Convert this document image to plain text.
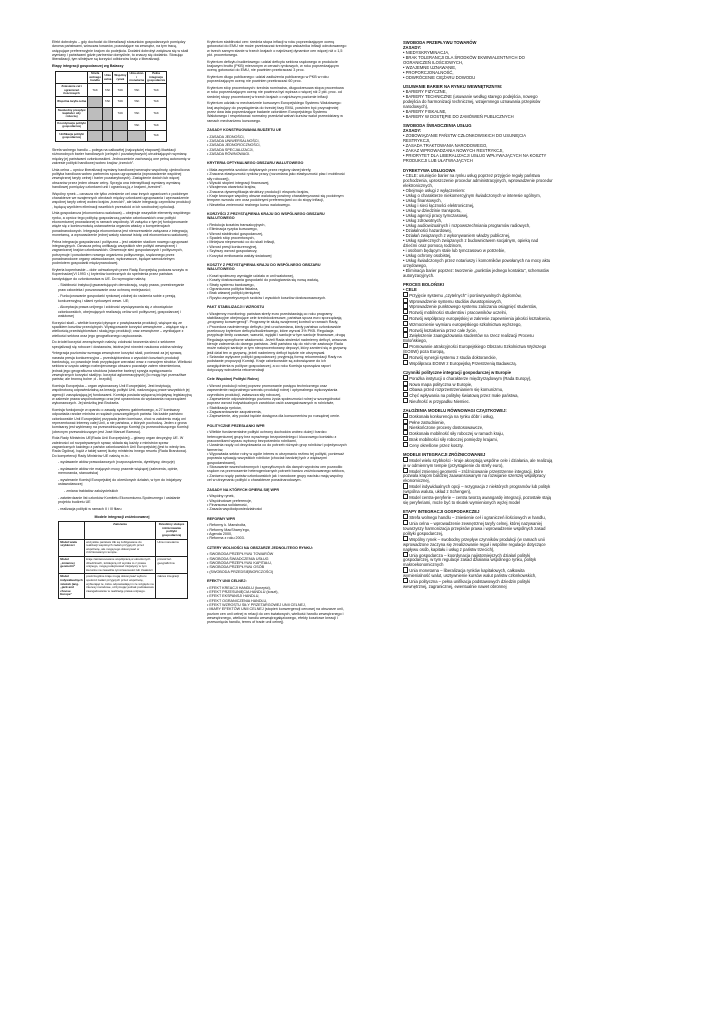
Efekt dobrobytu – gdy dochodzi do liberalizacji stosunków gospodarczych pomiędzy dwoma państwami, wówczas towarów, pozostające na zewnątrz, na tym tracą, ustępujące preferencyjnie krajom do podejścia. Dodatni dobrobyt zwiększa się w skali wymiany i państwami gdzie partnerów domyślnie, to znaczy się dodatnio. Stosując liberalizacji, tym silniejsze są korzyści odbiorców kraju z liberalizacji.

Etapy integracji gospodarczej wg Balassy

	Strefa wolnego handlu	Unia celna	Wspólny rynek	Unia ekon. i monetarna	Pełna integracja gospodarcza
Zniesienie ceł i ograniczeń ilościowych	TAK	TAK	TAK	TAK	TAK
Wspólna taryfa celna		TAK	TAK	TAK	TAK
Swobodny przepływ kapitału i siły roboczej			TAK	TAK	TAK
Koordynacja polityki gospodarczej				TAK	TAK
Unifikacja polityki gospodarczej					TAK

Strefa wolnego handlu – polega na całkowitej (najczęściej etapowej) likwidacji różnorodnych barier handlowych (celnych i pozataryfowych) utrudniających wymianę między jej państwami członkowskimi. Jednocześnie zachowują one pełną autonomię w zakresie polityki handlowej wobec krajów „trzecich”.

Unia celna – oprócz liberalizacji wymiany handlowej wewnątrz wspólnoty, ujednolicona polityka handlowa wobec partnerów spoza ugrupowania (wprowadzenie wspólnej zewnętrznej taryfy celnej i barier pozataryfowych). Zastąpienie dwóch lub więcej obszarów przez jeden obszar celny. Sprzyja ona intensyfikacji wymiany wymianę handlowej pomiędzy członkami unii i ograniczą ją z krajami „trzecimi”.

Wspólny rynek – oznacza nie tylko zniesienie ceł oraz innych ograniczeń z podobnym charakterze we wzajemnych obrotach między członkami ugrupowania i wprowadzenie wspólnej taryfy celnej wobec krajów „trzecich”, ale także integrację czynników produkcji , będącą wynikiem eliminacji wszelkich przeszkód w ich swobodnej cyrkulacji.

Unia gospodarcza (ekonomiczno-walutowa) – obejmuje wszystkie elementy wspólnego rynku, a oprócz tego politykę gospodarczą państw członkowskich oraz polityki ekonomicznej prowadzonej w ramach wspólnoty. W związku z tym jej funkcjonowanie wiąże się z koniecznością ustanowienia organów władzy o kompetencjach ponadnarodowych. Integracja ekonomiczna jest nierozerwalnie związana z integracją monetarną, a wprowadzenie jednej waluty stanowi istotę unii ekonomiczno-walutowej.

Pełna integracja gospodarcza i polityczna – jest ostatnim stadium nowego ugrupowań integracyjnych. Oznacza pełną unifikację wszystkich sfer polityki wewnętrznej i zagranicznej krajów członkowskich. Obserwuje sieć gospodarczych i politycznych, potrzymuje i powołaniem nowego organizmu politycznego, rządzonego przez ponadnarodowe organy ustawodawcze, wykonawcze, będące samodzielnym podmiotem gospodarki międzynarodowej.

Kryteria kopenhaskie – dobr uchwalonych przez Radę Europejską podczas szczytu w Kopenhadze(VI 1993 r.) kryteriów koniecznych do spełnienia przez państwa kandydujące do członkowstwa w UE. Do wymogów należą:

- Stabilność instytucji gwarantujących demokrację, rządy prawa, przestrzeganie praw człowieka i poszanowanie oraz ochronę mniejszości;

- Funkcjonowanie gospodarki rynkowej zdolnej do radzenia sobie z presją konkurencyjną i siłami rynkowymi wewn. UE;

- Akceptacja prawa unijnego i zdolność wywiązywania się z obowiązków członkowskich, obejmujących realizację celów unii politycznej, gospodarczej i walutowej

Korzyści skali – wielkie korzyści płynące z powiększania produkcji, wiążące się ze spadkiem kosztów przeciętnych. Występowanie korzyści wewnętrzne – wiążące się z wielkością przedsiębiorstwa i skalą jego produkcji; oraz zewnętrzne – wynikające z wielkości sektora oraz jego geograficznego usytuowania.

Do źródeł korzyści zewnętrznych należą: zdolność tworzenia sieci z sektorem specjalizacji się robocze i dostawców, istotna jest również naukowa zdolna wiedzy.

*Integracja poziomów wzmaga zewnętrzne korzyści skali, ponieważ za jej sprawą narasta presja konkurencyjna – przedsiębiorstwa o wysokich kosztach produkcji bankrutują, co powoduje brak przypisujące wzrostać wraz z rozwojem struktur. Wielkość sektora w często całego rozbrojenowego obszaru pozostaje zatem niezmieniona, jednak jego geograficzna struktura (stasetne bariery) sprzyja występowaniu zewnętrznych korzyści skali(np. korzyści aglomeracyjnych) [to mogę być przerażliwe państw, ale bronną bolne ;d - brzydki]

Komisja Europejska – organ wykonawczy Unii Europejskiej. Jest instytucją wspólnotową odpowiedzialną za kreację polityki Unii, nadzorującą prace wszystkich jej agencji i zarządzającą jej funduszami. Komisja posiada wyłączną inicjatywę legislacyjną w zakresie prawa wspólnotowego oraz jest uprawniona do wydawania rozporządzeń wykonawczych. Jej siedzibą jest Bruksela.

Komisja funkcjonuje w oparciu o zasadę systemu gabinetowego, a 27 komisarzy odpowiada randze ministra w rządach poszczególnych państw. Na każde państwo członkowskie Unii Europejskiej przypada jeden komisarz, choć w założeniu mają oni reprezentować interesy całej Unii, a nie państwa, z których pochodzą. Jeden z grona komisarzy jest wybierany na przewodniczącego Komisji (w przewodniczącego Komisji (obecnym przewodniczącym jest José Manuel Barroso).

Rola Rady Ministrów UE(Rada Unii Europejskiej) – główny organ decyzyjny UE. W zależności od rozpatrywanych spraw, składa się każdy z ministrów spraw zagranicznych każdego z państw członkowskich Unii Europejskiej (jest to wtedy tzw. Rada Ogólna), bądź z takiej samej liczby ministrów innego resortu (Rada Branżowa). Do kompetencji Rady Ministrów UE należą m.in.:

- wydawanie aktów prawodawczych (rozporządzenia, dyrektywy, decyzje)

- wydawanie aktów nie mających mocy prawnie wiążącej (zalecenia, opinie, memoranda, stanowiska)

- wywieranie Komisji Europejskiej do określonych działań, w tym do inicjatywy ustawodawczej

- zmiana traktatów założycielskich

- zatwierdzanie list członków Komitetu Ekonomiczno-Społecznego i ustalanie projektu budżetu UE

- realizacja polityki w ramach II i III filaru

Modele integracji zróżnicowanej

	Założenia	Dziedziny służące różnicowaniu polityki gospodarczej
Model wielu szybkości	wszystkie państwa UE są zobligowane do realizacji wspólnych zadań przyjętych przez wspólnotę, ale mogą tego dokonywać w zróżnicowanym tempie.	Unia monetarna
Model „zmiennej geometrii”	kraje zainteresowane współpracą w określonych dziedzinach, ściślejszą niż wynika to z prawa unijnego, mogą podejmować inicjatywy w tym kierunku na zasadzie tymczasowości lub trwałości	przestrzeń geograficzna
Model indywidualnych ścieżek (ang. „pick and choose Europe”	poszczególne kraje mogą dokonywać wyboru spośród zadań przyjętych przez wspólnotę, wybierając te, które odpowiadają im ze względu na interesy narodowe, utrzymując jednak podstawowe zaangażowanie w realizację prawa unijnego.	zakres integracji

Kryterium stabilności cen: średnia stopa inflacji w roku poprzedzającym ocenę gotowości do EMU nie może przekraczać średniego wskaźnika inflacji odnotowanego w trzech samym stanie w trzech krajach o najniższej dynamice cen więcej niż o 1,5 pkt. procentowego.

Kryterium deficytu budżetowego: udział deficytu sektora rządowego w produkcie krajowym brutto (PKB) mierzonym w cenach rynkowych, w roku poprzedzającym ocenę gotowości do EMU, nie powinien przekraczać 3 proc.

Kryterium długu publicznego: udział zadłużenia publicznego w PKB w roku poprzedzającym ocenę nie powinien przekraczać 60 proc.

Kryterium stóp procentowych: średnia nominalna, długookresowa stopa procentowa w roku poprzedzającym ocenę nie powinna być wyższa o więcej niż 2 pkt. proc. od średniej stopy procentowej w trzech krajach o najniższym poziomie inflacji

Kryterium udziału w mechanizmie kursowym Europejskiego Systemu Walutowego: kraj aspirujący do przystąpienia do trzeciej fazy EMU, powinien być przynajmniej przez dwa lata poprzedzające badanie członkiem Europejskiego Systemu Walutowego i respektować normalny przedział wahań kursów walut przewidziany w ramach mechanizmu kursowego.

ZASADY KONSTRUOWANIA BUDŻETU UE

• ZASADA JEDNOŚCI,

• ZASADA UNIWERSALNOŚCI,

• ZASADA JEDNOROCZNOŚCI,

• ZASADA SPECJALIZACJI,

• ZASADA RÓWNOWAGI.

KRYTERIA OPTYMALNEGO OBSZARU WALUTOWEGO

• Mała asymetria szoków dotykanych przez regiony danej strefy,

• Znaczna elastyczność rynków pracy (rozumiana jako elastyczność płac i mobilność siły roboczej),

• Wysoki stopień integracji finansowej,

• Wzajemna otwartość krajów,

• Znaczna dywersyfikacja struktury produkcji i eksportu krajów,

• Kraje tworzące wspólny obszar walutowy powinny charakteryzować się podobnym tempem wzrostu cen oraz podobnymi preferencjami co do stopy inflacji,

• Niewielka zmienność realnego kursu walutowego.

KORZYŚCI Z PRZYSTĄPIENIA KRAJU DO WSPÓLNEGO OBSZARU WALUTOWEGO

• Redukcja kosztów transakcyjnych,

• Eliminacja ryzyka kursowego,

• Wzrost stabilności gospodarczej,

• Spadek stóp procentowych,

• Mniejsza niepewność co do skali inflacji,

• Wzrost presji konkurencyjnej,

• Szybszy wzrost gospodarczy,

• Korzyści emitowania waluty światowej

KOSZTY Z PRZYSTĄPIENIA KRAJU DO WSPÓLNEGO OBSZARU WALUTOWEGO

• Koszt społeczny wymiągle udziału w unii walutowej,

• Koszty dostosowania gospodarki do posługiwania się nową walutą,

• Straty systemu bankowego,

• Ograniczona polityka fiskalna,

• Brak własnej polityki pieniężnej

• Ryzyko asymetrycznych szoków i wysokich kosztów dostosowawczych.

PAKT STABILIZACJI I WZROSTU

• Wzajemny monitoring: państwa strefy euro przedstawiają co roku programy stabilizacyjne obejmujące cele średniookresowe, państwa spoza euro sporządzają „programy konwergencji”. Programy te służą wzajemnej kontroli w ramach Rady,

• Procedura nadmiernego deficytu: jest uruchamiana, kiedy państwo członkowskie przekroczy kryterium deficytu/budżetowego, które wynosi 3% PKB. Regulacja przypisuje limity czasowe, warunki, wyjątki i sankcje w tym sankcje finansowe, drugą Regulacja specyficzne wiadomość. Jeżeli Rada stwierdzi nadmierny deficyt, wówczas kieruje zalecenia do danego państwa. Jeśli państwo się do nich nie zastosuje Rada może nałożyć sankcje w tym nieoprocentowany depozyt, który zamieni się w grzywnę jeśli dział ten w grzywnę, jeżeli nadmierny deficyt będzie nie utrzymywał.

• Sztandar wytyczne polityki gospodarczej: przyjmują formę rekomendacji Rady na podstawie propozycji Komisji. Kraje członkowskie są zobowiązane do ich uwzględnienia w polityce gospodarczej, a co roku Komisja sporządza raport dotyczący wdrożenia rekomendacji

Cele Wspólnej Polityki Rolnej

• Wzrost produkcji rolnej poprzez promowanie postępu technicznego oraz zapewnienie racjonalnego wzrostu produkcji rolnej i optymalnego wykorzystania czynników produkcji, zwłaszcza siły roboczej,

• Zapewnienie odpowiedniego poziomu życia społeczności rolnej w szczególności poprzez wzrost indywidualnych zarobków osób zaangażowanych w rolnictwie,

• Stabilizacja rynków,

• Zagwarantowanie zaopatrzenia,

• Zapewnienie, aby podaż będzie dostępna dla konsumentów po rozsądnej cenie.

POLITYCZNE PRZESŁANKI WPR

• Wielkie fundamentalne polityki ochrony dochodów wobec dużej i bardzo heterogenicznej grupy bez wyraźnego bezpośredniego i kluczowego kontaktu z pracownikami wyrazu wyborcy bezpośrednio rolnikami,

• Uważnia rządy od decydowania co do potrzeb różnych grup rolników i pojedynczych farmerów,

• Wypowiada sektor rolny w ogóle interes w utrzymaniu reżimu tej polityki, ponieważ poprawia sytuację wszystkich rolników (chociaż bardziej tych z większymi gospodarstwami),

• Stosowanie wszechobronnych i specyficznych dla danych wyrobów cen pozwoliło rządom na przenoszenie heterogenicznych potrzeb bardzo zróżnicowanego sektora,

• Zarówno rządy państw członkowskich jak i narodowe grupy nacisku mają wspólny cel w utrzymaniu polityki o charakterze ponadnarodowym.

ZASADY NA KTÓRYCH OPIERA SIĘ WPR

• Wspólny rynek,

• Wspólnotowe preferencje,

• Finansowa solidarność,

• Zasada współodpowiedzialności

REFORMY WPR

• Reformy k. Mansholta,

• Reformy MacSharry'ego,

• Agenda 2000,

• Reforma z roku 2003.

CZTERY WOLNOŚCI NA OBSZARZE JEDNOLITEGO RYNKU:

• SWOBODA PRZEPŁYWU TOWARÓW

• SWOBODA ŚWIADCZENIA USŁUG

• SWOBODA PRZEPŁYWU KAPITAŁU,

• SWOBODA PRZEPŁYWU OSÓB

• (SWOBODA PRZEDSIĘBIORCZOŚCI)

EFEKTY UNII CELNEJ:

• EFEKT KREACJI HANDLU (korzyść),

• EFEKT PRZESUNIĘCIA HANDLU (koszt),

• EFEKT EKSPANSJI HANDLU,

• EFEKT OGRANICZENIA HANDLU,

• EFEKT WZROSTU SIŁY PRZETARGOWEJ UNII CELNEJ,

• MIARY EFEKTÓW UNII CELNEJ (stopień konwergencji cenowej na obszarze unii, poziom cen unii celnej w relacji do cen światowych, wielkość handlu zewnętrznego i wewnętrznego, wielkość handlu wewnątrzgałęziowego, efekty kosztowe kreacji i przesunięcia handlu, terms of trade unii celnej).

SWOBODA PRZEPŁYWU TOWARÓW

ZASADY:

• NIEDYSKRYMINACJA,

• BRAK TOLERANCJI DLA ŚRODKÓW EKWIWALENTNYCH DO OGRANICZEŃ ILOŚCIOWYCH,

• WZAJEMNE UZNAWANIE,

• PROPORCJONALNOŚĆ,

• ODWRÓCENIE CIĘŻARU DOWODU

USUWANIE BARIER NA RYNKU WEWNĘTRZNYM:

• BARIERY FIZYCZNE,

• BARIERY TECHNICZNE (usuwanie według starego podejścia, nowego podejścia do harmonizacji technicznej, wzajemnego uznawania przepisów narodowych),

• BARIERY FISKALNE,

• BARIERY W DOSTĘPIE DO ZAMÓWIEŃ PUBLICZNYCH

SWOBODA ŚWIADCZENIA USŁUG

ZASADY:

• ZOBOWIĄZANIE PAŃSTW CZŁONKOWSKICH DO USUNIĘCIA RESTRYKCJI,

• ZASADA TRAKTOWANIA NARODOWEGO,

• ZAKAZ WPROWADZANIA NOWYCH RESTRYKCJI,

• PRIORYTET DLA LIBERALIZACJI USŁUG WPŁYWAJĄCYCH NA KOSZTY PRODUKCJI LUB UŁATWIAJĄCYCH

DYREKTYWA USŁUGOWA

• CELE: usunięcie barier na rynku usług poprzez przyjęcie reguły państwa pochodzenia, uproszczenie procedur administracyjnych, wprowadzenie procedur elektronicznych,

• Obejmuje usługi z wyłączeniem:

• Usług o charakterze niekomercyjnym świadczonych w interesie ogólnym,

• Usług finansowych,

• Usług i sieci łączności elektronicznej,

• Usług w dziedzinie transportu,

• Usług agencji pracy tymczasowej,

• Usług zdrowotnych,

• Usług audiowizualnych i rozpowszechniania programów radiowych,

• Działalności hazardowej,

• Działań związanych z wykonywaniem władzy publicznej,

• Usług społecznych związanych z budownictwem socjalnym, opieką nad dziećmi oraz pomocą rodzinom,

• i osobom będącym stale lub tymczasowo w potrzebie,

• Usług ochrony osobistej,

• Usług świadczonych przez notariuszy i komorników powołanych na mocy aktu urzędowego,

• Eliminacja barier poprzez: tworzenie „punktów jednego kontaktu”, schematów autoryzacyjnych.

PROCES BOLOŃSKI

• CELE

Przyjęcie systemu „czytelnych” i porównywalnych dyplomów,

Wprowadzenie systemu studiów dwustopniowych,

Wprowadzenie punktowego systemu zaliczania osiągnięć studentów,

Rozwój mobilności studentów i pracowników uczelni,

Rozwój współpracy europejskiej w zakresie zapewnienia jakości kształcenia,

Wzmocnienie wymiaru europejskiego szkolnictwa wyższego,

Rozwój kształcenia przez całe życie,

Zwiększenie zaangażowania studentów na rzecz realizacji Procesu Bolońskiego,

Promowanie atrakcyjności Europejskiego Obszaru Szkolnictwa Wyższego (EOSW) poza Europą,

Rozwój synergii systemu z studia doktoranckie,

Współpraca EOSW z Europejską Przestrzenią Badawczą.

Czynniki polityczne integracji gospodarczej w Europie

Porażka instytucji o charakterze międzyrządowym (Rada Europy),

Nowa mapa polityczna w Europie,

Obawa przed rozprzestrzenianiem się komunizmu,

Chęć wpływania na politykę światową przez małe państwa,

Nieufność w przypadku Niemiec.

ZAŁOŻENIA MODELU RÓWNOWAGI CZĄSTKOWEJ:

Doskonała konkurencja na rynku dóbr i usług,

Pełne zatrudnienie,

Nieskończone procesy dostosowawcze,

Doskonała mobilność siły roboczej w ramach kraju,

Brak mobilności siły roboczej pomiędzy krajami,

Ceny określone przez koszty.

MODELE INTEGRACJI ZRÓŻNICOWANEJ

Model wielu szybkości - kraje akceptują wspólne cele i działania, ale realizują je w odmiennym tempie (przystąpienie do strefy euro),

Model zmiennej geometrii – zróżnicowanie przestrzenne integracji, które pozwala krajom bardziej zaawansowanym na rozwijanie szerszej współpracy ekonomicznej,

Model indywidualnych opcji – rezygnacja z niektórych programów lub polityk (wspólna waluta, układ z Schengen),

Model centra-peryferie – centra tworzą awangardę integracji, pozostałe stają się peryferiami, może być to skutek wymienionych wyżej model

ETAPY INTEGRACJI GOSPODARCZEJ

Strefa wolnego handlu – zniesienie ceł i ograniczeń ilościowych w handlu,

Unia celna – wprowadzenie zewnętrznej taryfy celnej, której nazywaniej towarzyszy harmonizacja przepisów prawa i wprowadzenie wspólnych zasad polityki gospodarczej,

Wspólny rynek – swobodny przepływ czynników produkcji (w ramach unii wprowadzone zaczyna się zrealizowanie reguł i wspólne regulacje dotyczące napływu osób, kapitału i usług z państw trzecich),

Unia gospodarcza – koordynacja najistotniejszych działań polityki gospodarczej, w tym regulacje zasad działania wspólnego rynku, polityk makroekonomicznych

Unia monetarna – liberalizacja rynków kapitałowych, całkowita wymienialność walut, usztywnienie kursów walut państw członkowskich,

Unia polityczna – pełna unifikacja podstawowych dziedzin polityki wewnętrznej, zagranicznej, ewentualnie nawet obronnej
